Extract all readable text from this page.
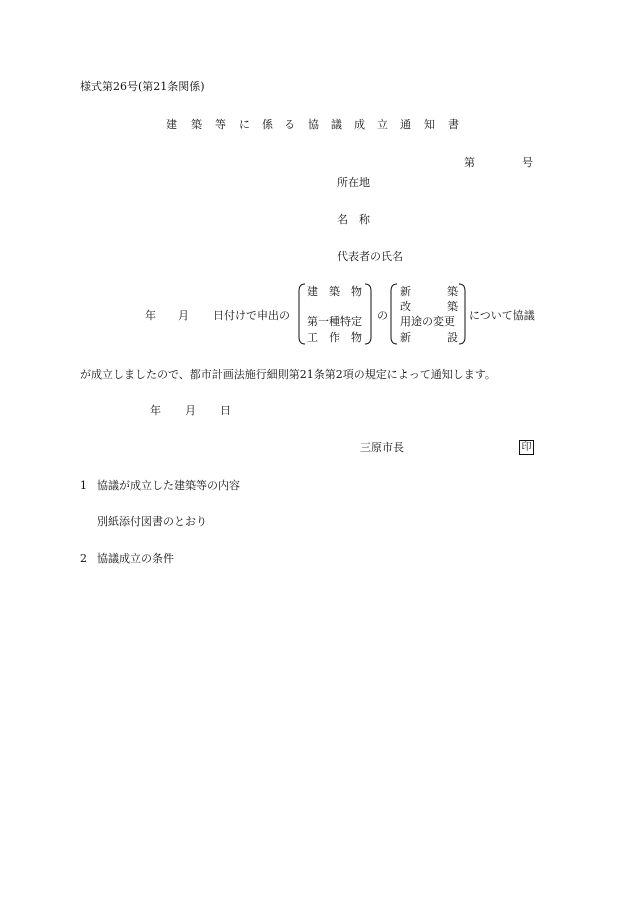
様式第26号(第21条関係)
建 築 等 に 係 る 協 議 成 立 通 知 書
第	号
所在地
名 称
代表者の氏名
年 月 日付けで申出の
建 築 物
第一種特定
工 作 物
の
新	築
改	築
用途の変更
新	設
について協議
が成立しましたので、都市計画法施行細則第21条第2項の規定によって通知します。
年 月 日
三原市長	印
1 協議が成立した建築等の内容
別紙添付図書のとおり
2 協議成立の条件
